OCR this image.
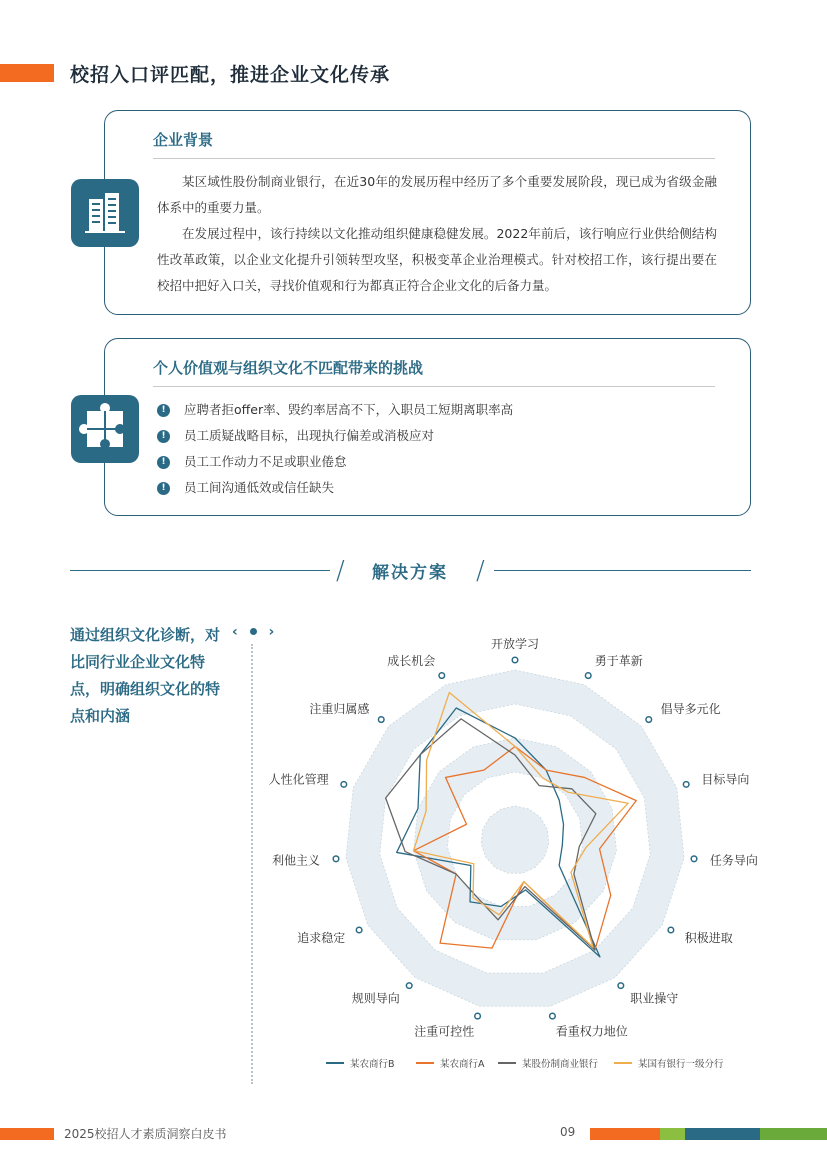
校招入口评匹配，推进企业文化传承
企业背景

某区域性股份制商业银行，在近30年的发展历程中经历了多个重要发展阶段，现已成为省级金融体系中的重要力量。

在发展过程中，该行持续以文化推动组织健康稳健发展。2022年前后，该行响应行业供给侧结构性改革政策，以企业文化提升引领转型攻坚，积极变革企业治理模式。针对校招工作，该行提出要在校招中把好入口关，寻找价值观和行为都真正符合企业文化的后备力量。

个人价值观与组织文化不匹配带来的挑战
!	应聘者拒offer率、毁约率居高不下，入职员工短期离职率高
!	员工质疑战略目标，出现执行偏差或消极应对
!	员工工作动力不足或职业倦怠
!	员工间沟通低效或信任缺失
/ 解决方案 /
通过组织文化诊断，对比同行业企业文化特点，明确组织文化的特点和内涵
‹ ›
开放学习
勇于革新
倡导多元化
目标导向
任务导向
积极进取
职业操守
看重权力地位
注重可控性
规则导向
追求稳定
利他主义
人性化管理
注重归属感
成长机会
某农商行B	某农商行A	某股份制商业银行	某国有银行一级分行
2025校招人才素质洞察白皮书	09
